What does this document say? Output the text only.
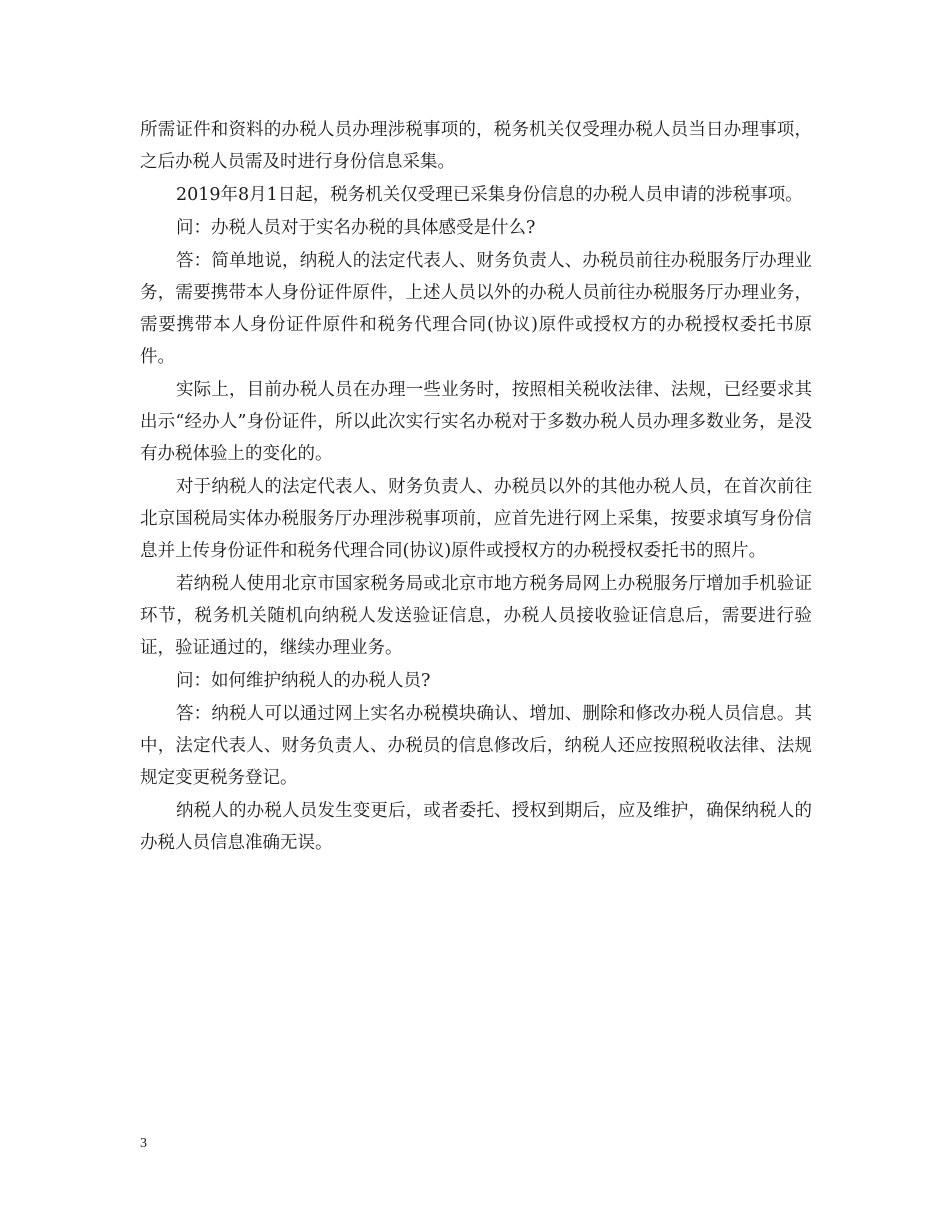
所需证件和资料的办税人员办理涉税事项的，税务机关仅受理办税人员当日办理事项，之后办税人员需及时进行身份信息采集。

2019年8月1日起，税务机关仅受理已采集身份信息的办税人员申请的涉税事项。

问：办税人员对于实名办税的具体感受是什么?

答：简单地说，纳税人的法定代表人、财务负责人、办税员前往办税服务厅办理业务，需要携带本人身份证件原件，上述人员以外的办税人员前往办税服务厅办理业务，需要携带本人身份证件原件和税务代理合同(协议)原件或授权方的办税授权委托书原件。

实际上，目前办税人员在办理一些业务时，按照相关税收法律、法规，已经要求其出示“经办人”身份证件，所以此次实行实名办税对于多数办税人员办理多数业务，是没有办税体验上的变化的。

对于纳税人的法定代表人、财务负责人、办税员以外的其他办税人员，在首次前往北京国税局实体办税服务厅办理涉税事项前，应首先进行网上采集，按要求填写身份信息并上传身份证件和税务代理合同(协议)原件或授权方的办税授权委托书的照片。

若纳税人使用北京市国家税务局或北京市地方税务局网上办税服务厅增加手机验证环节，税务机关随机向纳税人发送验证信息，办税人员接收验证信息后，需要进行验证，验证通过的，继续办理业务。

问：如何维护纳税人的办税人员?

答：纳税人可以通过网上实名办税模块确认、增加、删除和修改办税人员信息。其中，法定代表人、财务负责人、办税员的信息修改后，纳税人还应按照税收法律、法规规定变更税务登记。

纳税人的办税人员发生变更后，或者委托、授权到期后，应及维护，确保纳税人的办税人员信息准确无误。

3
